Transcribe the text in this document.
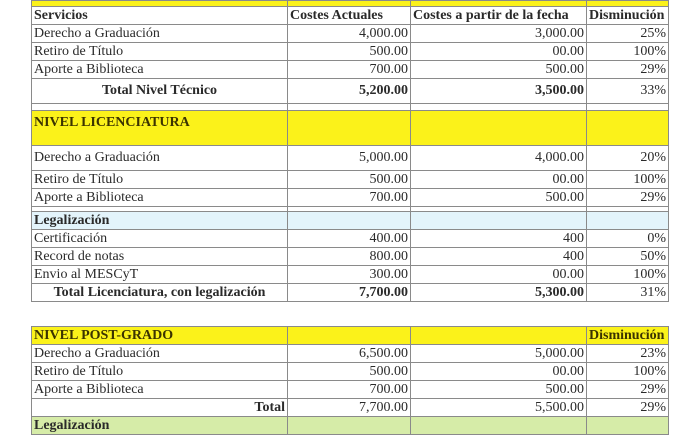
Servicios	Costes Actuales	Costes a partir de la fecha	Disminución
Derecho a Graduación	4,000.00	3,000.00	25%
Retiro de Título	500.00	00.00	100%
Aporte a Biblioteca	700.00	500.00	29%
Total Nivel Técnico	5,200.00	3,500.00	33%

NIVEL LICENCIATURA			
Derecho a Graduación	5,000.00	4,000.00	20%
Retiro de Título	500.00	00.00	100%
Aporte a Biblioteca	700.00	500.00	29%

Legalización			
Certificación	400.00	400	0%
Record de notas	800.00	400	50%
Envio al MESCyT	300.00	00.00	100%
Total Licenciatura, con legalización	7,700.00	5,300.00	31%
NIVEL POST-GRADO			Disminución
Derecho a Graduación	6,500.00	5,000.00	23%
Retiro de Título	500.00	00.00	100%
Aporte a Biblioteca	700.00	500.00	29%
Total	7,700.00	5,500.00	29%
Legalización			
